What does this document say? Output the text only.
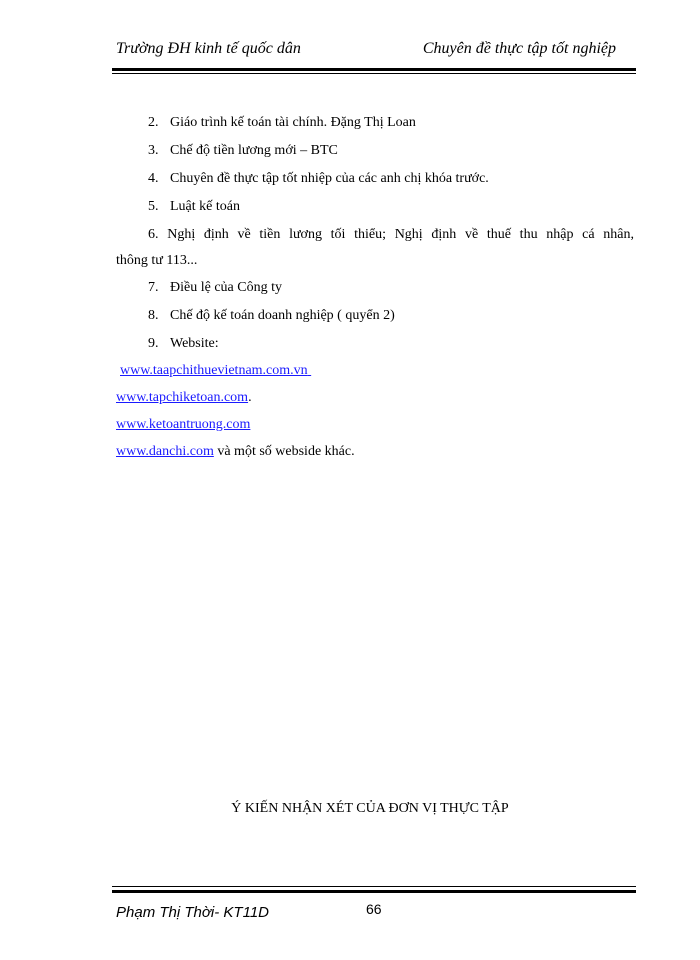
Trường ĐH kinh tế quốc dân	Chuyên đề thực tập tốt nghiệp
2. Giáo trình kế toán tài chính. Đặng Thị Loan
3. Chế độ tiền lương mới – BTC
4. Chuyên đề thực tập tốt nhiệp của các anh chị khóa trước.
5. Luật kế toán
6. Nghị định về tiền lương tối thiểu; Nghị định về thuế thu nhập cá nhân,
thông tư 113...
7. Điều lệ của Công ty
8. Chế độ kế toán doanh nghiệp ( quyển 2)
9. Website:
www.taapchithuevietnam.com.vn
www.tapchiketoan.com.
www.ketoantruong.com
www.danchi.com và một số webside khác.
Ý KIẾN NHẬN XÉT CỦA ĐƠN VỊ THỰC TẬP
Phạm Thị Thời- KT11D	66
